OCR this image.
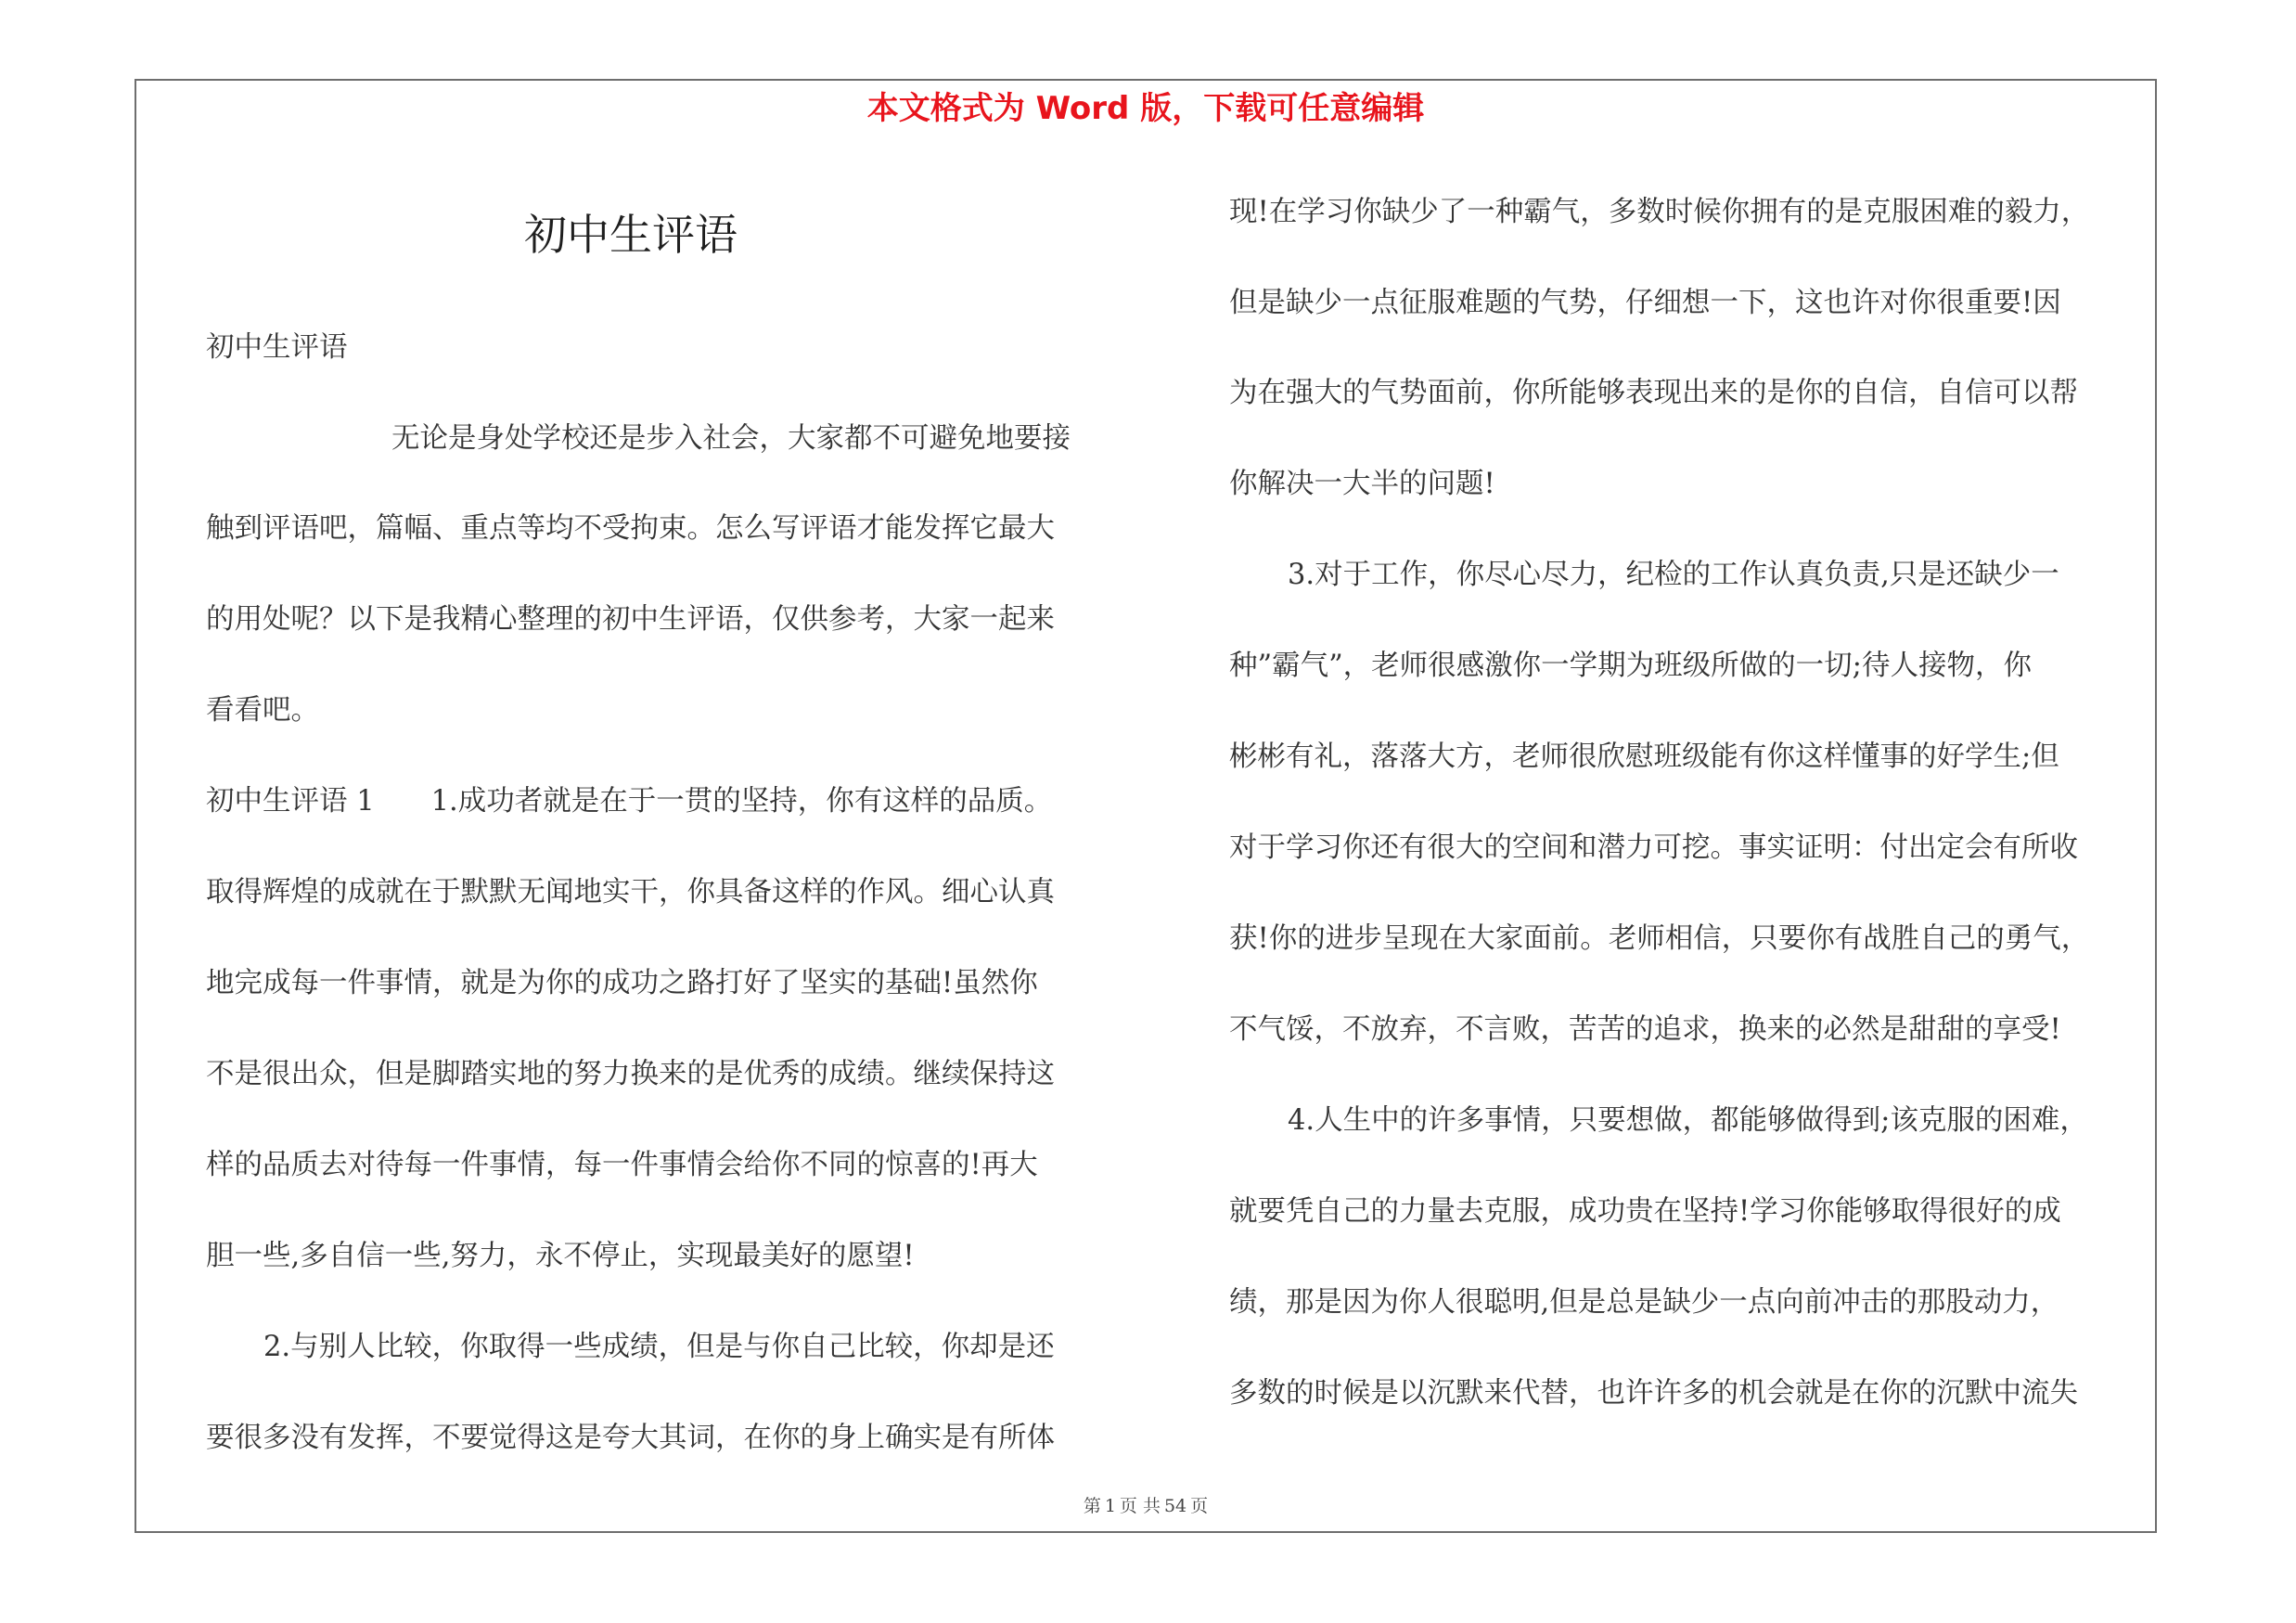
本文格式为 Word 版，下载可任意编辑
初中生评语
初中生评语
无论是身处学校还是步入社会，大家都不可避免地要接
触到评语吧，篇幅、重点等均不受拘束。怎么写评语才能发挥它最大
的用处呢？以下是我精心整理的初中生评语，仅供参考，大家一起来
看看吧。
初中生评语 1　　1.成功者就是在于一贯的坚持，你有这样的品质。
取得辉煌的成就在于默默无闻地实干，你具备这样的作风。细心认真
地完成每一件事情，就是为你的成功之路打好了坚实的基础!虽然你
不是很出众，但是脚踏实地的努力换来的是优秀的成绩。继续保持这
样的品质去对待每一件事情，每一件事情会给你不同的惊喜的!再大
胆一些,多自信一些,努力，永不停止，实现最美好的愿望!
2.与别人比较，你取得一些成绩，但是与你自己比较，你却是还
要很多没有发挥，不要觉得这是夸大其词，在你的身上确实是有所体
现!在学习你缺少了一种霸气，多数时候你拥有的是克服困难的毅力，
但是缺少一点征服难题的气势，仔细想一下，这也许对你很重要!因
为在强大的气势面前，你所能够表现出来的是你的自信，自信可以帮
你解决一大半的问题!
3.对于工作，你尽心尽力，纪检的工作认真负责,只是还缺少一
种”霸气”，老师很感激你一学期为班级所做的一切;待人接物，你
彬彬有礼，落落大方，老师很欣慰班级能有你这样懂事的好学生;但
对于学习你还有很大的空间和潜力可挖。事实证明：付出定会有所收
获!你的进步呈现在大家面前。老师相信，只要你有战胜自己的勇气，
不气馁，不放弃，不言败，苦苦的追求，换来的必然是甜甜的享受!
4.人生中的许多事情，只要想做，都能够做得到;该克服的困难，
就要凭自己的力量去克服，成功贵在坚持!学习你能够取得很好的成
绩，那是因为你人很聪明,但是总是缺少一点向前冲击的那股动力，
多数的时候是以沉默来代替，也许许多的机会就是在你的沉默中流失
第 1 页 共 54 页
